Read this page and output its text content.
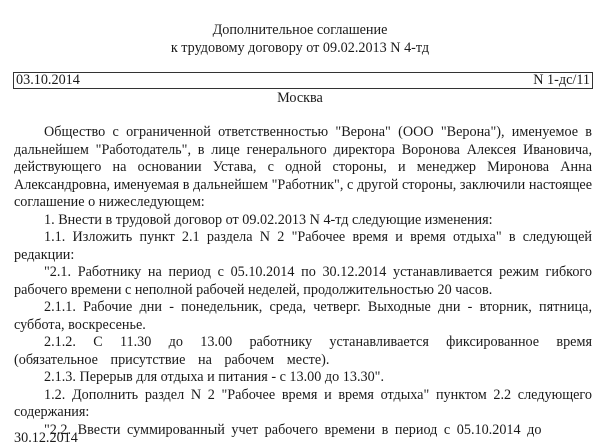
Дополнительное соглашение
к трудовому договору от 09.02.2013 N 4-тд
03.10.2014	N 1-дс/11
Москва

Общество с ограниченной ответственностью "Верона" (ООО "Верона"), именуемое в дальнейшем "Работодатель", в лице генерального директора Воронова Алексея Ивановича, действующего на основании Устава, с одной стороны, и менеджер Миронова Анна Александровна, именуемая в дальнейшем "Работник", с другой стороны, заключили настоящее соглашение о нижеследующем:

1. Внести в трудовой договор от 09.02.2013 N 4-тд следующие изменения:

1.1. Изложить пункт 2.1 раздела N 2 "Рабочее время и время отдыха" в следующей редакции:

"2.1. Работнику на период с 05.10.2014 по 30.12.2014 устанавливается режим гибкого рабочего времени с неполной рабочей неделей, продолжительностью 20 часов.

2.1.1. Рабочие дни - понедельник, среда, четверг. Выходные дни - вторник, пятница, суббота, воскресенье.

2.1.2. С 11.30 до 13.00 работнику устанавливается фиксированное время (обязательное присутствие на рабочем месте).

2.1.3. Перерыв для отдыха и питания - с 13.00 до 13.30".

1.2. Дополнить раздел N 2 "Рабочее время и время отдыха" пунктом 2.2 следующего содержания:

"2.2. Ввести суммированный учет рабочего времени в период с 05.10.2014 до

30.12.2014
